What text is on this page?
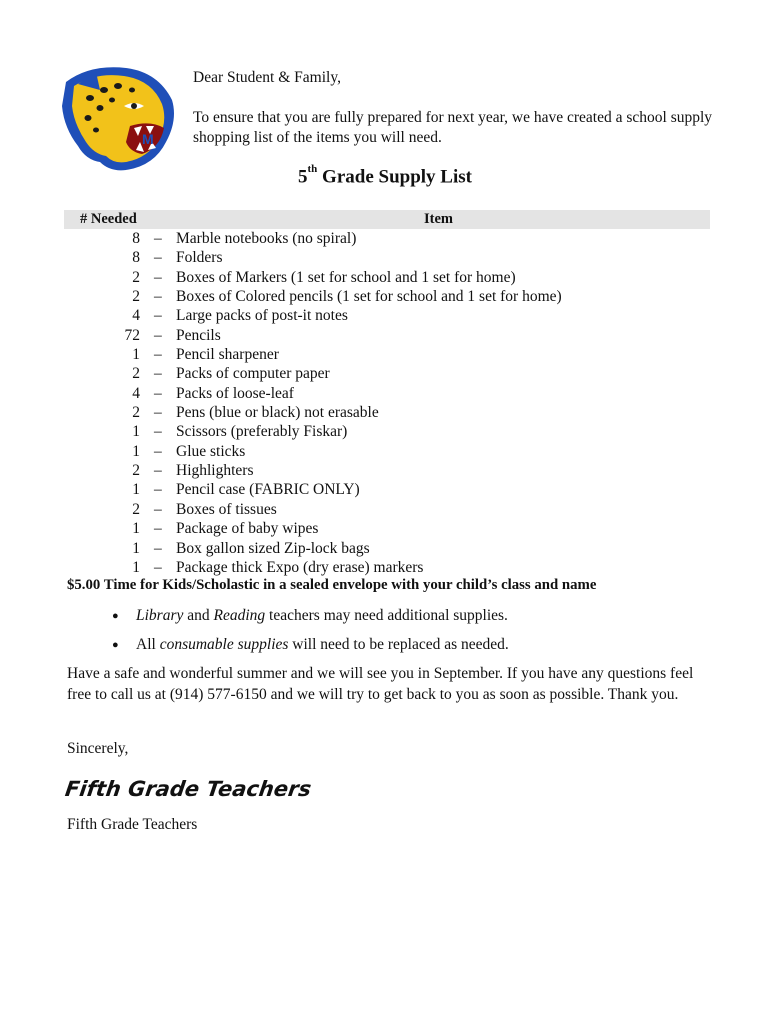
M

Dear Student & Family,

To ensure that you are fully prepared for next year, we have created a school supply shopping list of the items you will need.

5th Grade Supply List
# Needed	Item
8 – Marble notebooks (no spiral)
8 – Folders
2 – Boxes of Markers (1 set for school and 1 set for home)
2 – Boxes of Colored pencils (1 set for school and 1 set for home)
4 – Large packs of post-it notes
72 – Pencils
1 – Pencil sharpener
2 – Packs of computer paper
4 – Packs of loose-leaf
2 – Pens (blue or black) not erasable
1 – Scissors (preferably Fiskar)
1 – Glue sticks
2 – Highlighters
1 – Pencil case (FABRIC ONLY)
2 – Boxes of tissues
1 – Package of baby wipes
1 – Box gallon sized Zip-lock bags
1 – Package thick Expo (dry erase) markers
$5.00 Time for Kids/Scholastic in a sealed envelope with your child’s class and name
● Library and Reading teachers may need additional supplies.
● All consumable supplies will need to be replaced as needed.
Have a safe and wonderful summer and we will see you in September. If you have any questions feel free to call us at (914) 577-6150 and we will try to get back to you as soon as possible. Thank you.
Sincerely,
Fifth Grade Teachers
Fifth Grade Teachers
